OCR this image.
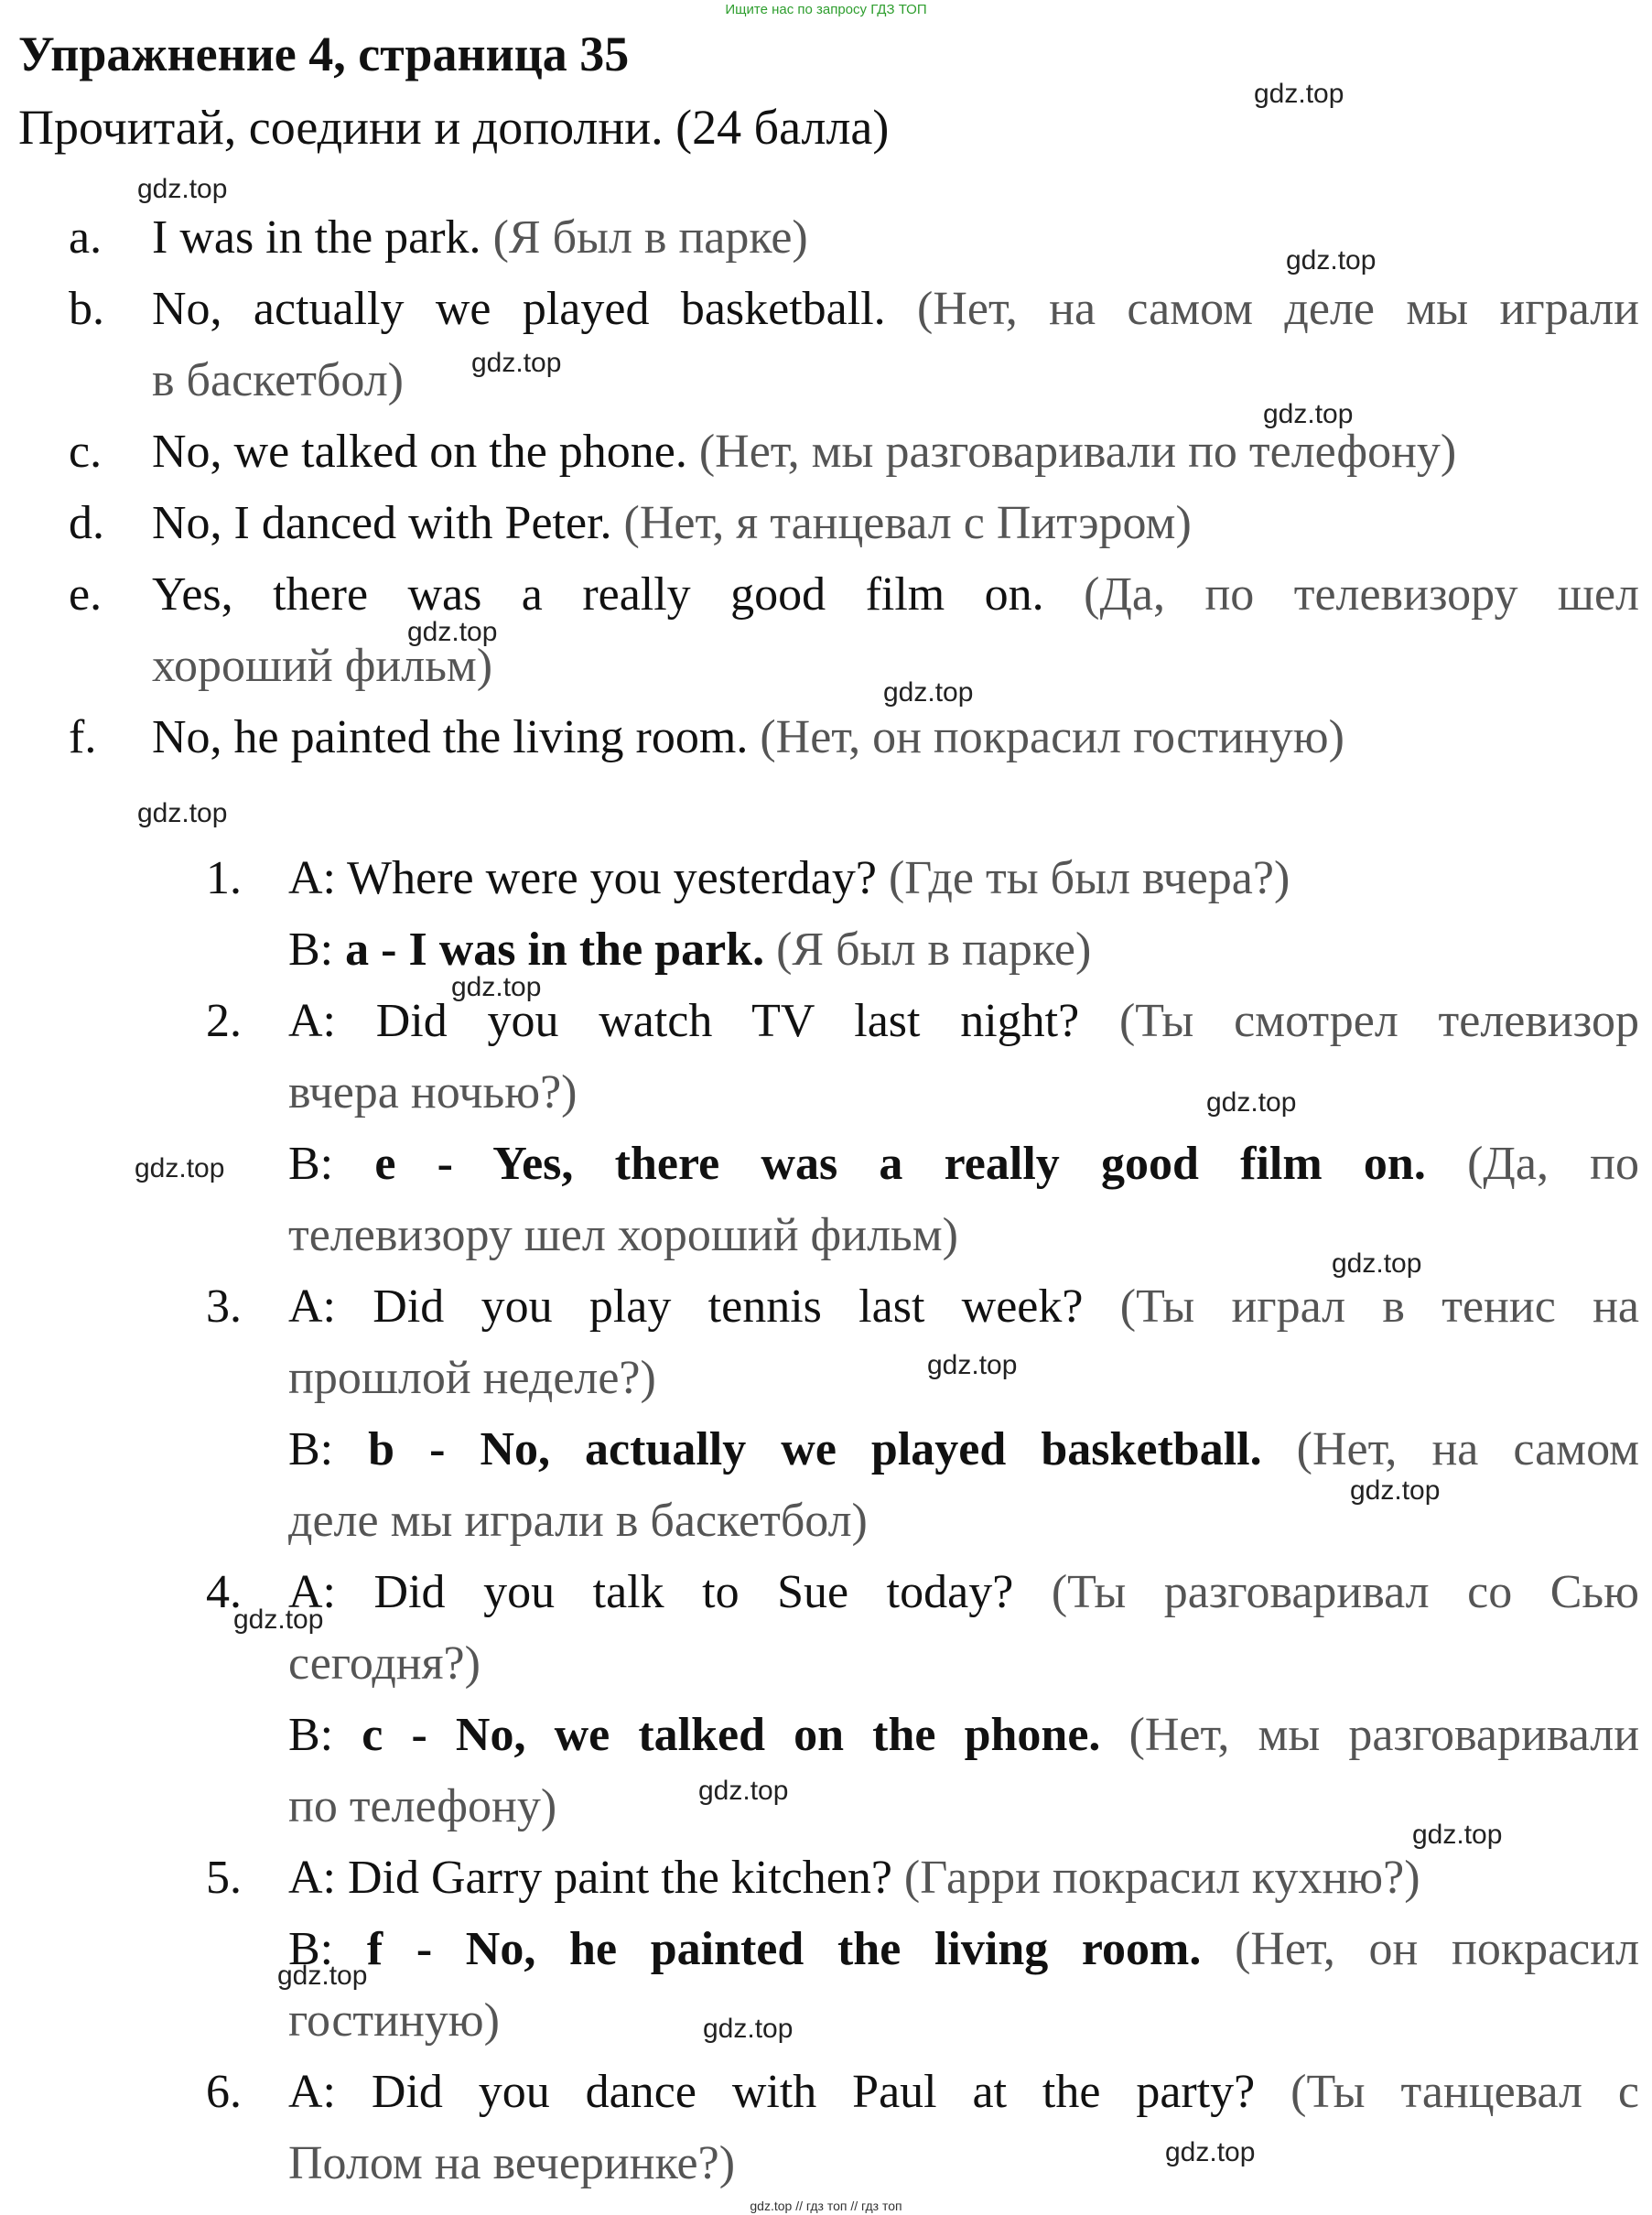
Ищите нас по запросу ГДЗ ТОП
Упражнение 4, страница 35
Прочитай, соедини и дополни. (24 балла)
a. I was in the park. (Я был в парке)
b. No, actually we played basketball. (Нет, на самом деле мы играли
в баскетбол)
c. No, we talked on the phone. (Нет, мы разговаривали по телефону)
d. No, I danced with Peter. (Нет, я танцевал с Питэром)
e. Yes, there was a really good film on. (Да, по телевизору шел
хороший фильм)
f. No, he painted the living room. (Нет, он покрасил гостиную)
1. A: Where were you yesterday? (Где ты был вчера?)
B: a - I was in the park. (Я был в парке)
2. A: Did you watch TV last night? (Ты смотрел телевизор
вчера ночью?)
B: e - Yes, there was a really good film on. (Да, по
телевизору шел хороший фильм)
3. A: Did you play tennis last week? (Ты играл в тенис на
прошлой неделе?)
B: b - No, actually we played basketball. (Нет, на самом
деле мы играли в баскетбол)
4. A: Did you talk to Sue today? (Ты разговаривал со Сью
сегодня?)
B: c - No, we talked on the phone. (Нет, мы разговаривали
по телефону)
5. A: Did Garry paint the kitchen? (Гарри покрасил кухню?)
B: f - No, he painted the living room. (Нет, он покрасил
гостиную)
6. A: Did you dance with Paul at the party? (Ты танцевал с
Полом на вечеринке?)
gdz.top
gdz.top
gdz.top
gdz.top
gdz.top
gdz.top
gdz.top
gdz.top
gdz.top
gdz.top
gdz.top
gdz.top
gdz.top
gdz.top
gdz.top
gdz.top
gdz.top
gdz.top
gdz.top
gdz.top
gdz.top // гдз топ // гдз топ
